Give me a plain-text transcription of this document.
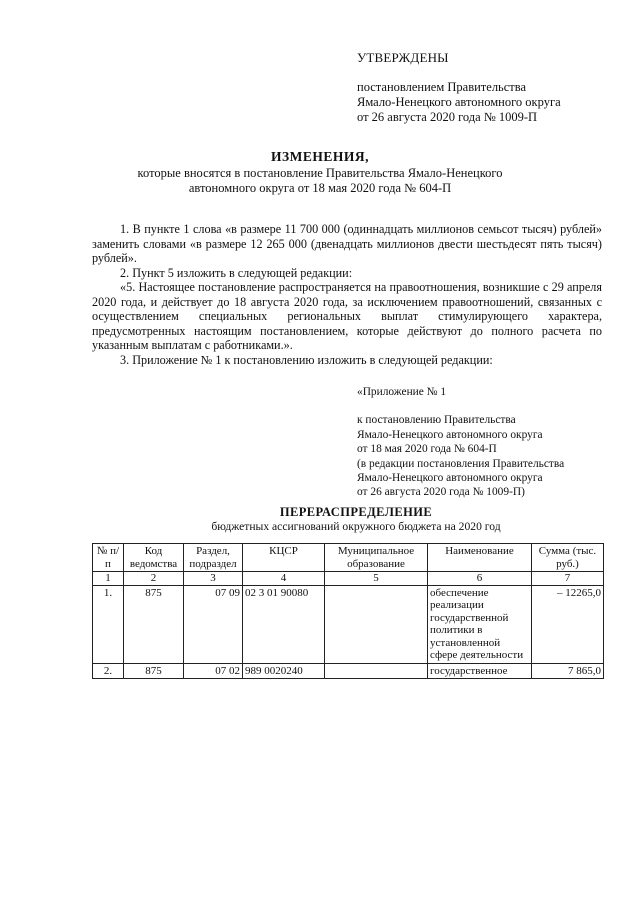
УТВЕРЖДЕНЫ
постановлением Правительства
Ямало-Ненецкого автономного округа
от 26 августа 2020 года № 1009-П
ИЗМЕНЕНИЯ,
которые вносятся в постановление Правительства Ямало-Ненецкого
автономного округа от 18 мая 2020 года № 604-П

1. В пункте 1 слова «в размере 11 700 000 (одиннадцать миллионов семьсот тысяч) рублей» заменить словами «в размере 12 265 000 (двенадцать миллионов двести шестьдесят пять тысяч) рублей».

2. Пункт 5 изложить в следующей редакции:

«5. Настоящее постановление распространяется на правоотношения, возникшие с 29 апреля 2020 года, и действует до 18 августа 2020 года, за исключением правоотношений, связанных с осуществлением специальных региональных выплат стимулирующего характера, предусмотренных настоящим постановлением, которые действуют до полного расчета по указанным выплатам с работниками.».

3. Приложение № 1 к постановлению изложить в следующей редакции:

«Приложение № 1
к постановлению Правительства
Ямало-Ненецкого автономного округа
от 18 мая 2020 года № 604-П
(в редакции постановления Правительства
Ямало-Ненецкого автономного округа
от 26 августа 2020 года № 1009-П)
ПЕРЕРАСПРЕДЕЛЕНИЕ
бюджетных ассигнований окружного бюджета на 2020 год
№ п/п	Код ведомства	Раздел, подраздел	КЦСР	Муниципальное образование	Наименование	Сумма (тыс. руб.)
1	2	3	4	5	6	7
1.	875	07 09	02 3 01 90080		обеспечение реализации государственной политики в установленной сфере деятельности	– 12265,0
2.	875	07 02	989 0020240		государственное	7 865,0
